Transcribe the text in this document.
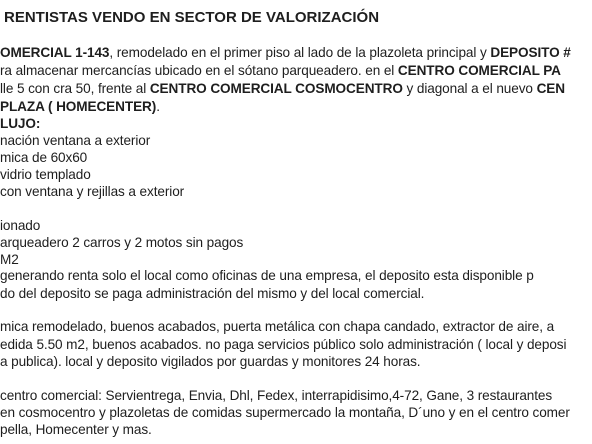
RENTISTAS VENDO EN SECTOR DE VALORIZACIÓN
OMERCIAL 1-143, remodelado en el primer piso al lado de la plazoleta principal y DEPOSITO #
ra almacenar mercancías ubicado en el sótano parqueadero. en el CENTRO COMERCIAL PA
lle 5 con cra 50, frente al CENTRO COMERCIAL COSMOCENTRO y diagonal a el nuevo CEN
PLAZA ( HOMECENTER).
LUJO:
nación ventana a exterior
mica de 60x60
vidrio templado
con ventana y rejillas a exterior
ionado
arqueadero 2 carros y 2 motos sin pagos
M2
generando renta solo el local como oficinas de una empresa, el deposito esta disponible p
do del deposito se paga administración del mismo y del local comercial.
mica remodelado, buenos acabados, puerta metálica con chapa candado, extractor de aire, a
edida 5.50 m2, buenos acabados. no paga servicios público solo administración ( local y deposi
a publica). local y deposito vigilados por guardas y monitores 24 horas.
centro comercial: Servientrega, Envia, Dhl, Fedex, interrapidisimo,4-72, Gane, 3 restaurantes
en cosmocentro y plazoletas de comidas supermercado la montaña, D´uno y en el centro comer
pella, Homecenter y mas.
